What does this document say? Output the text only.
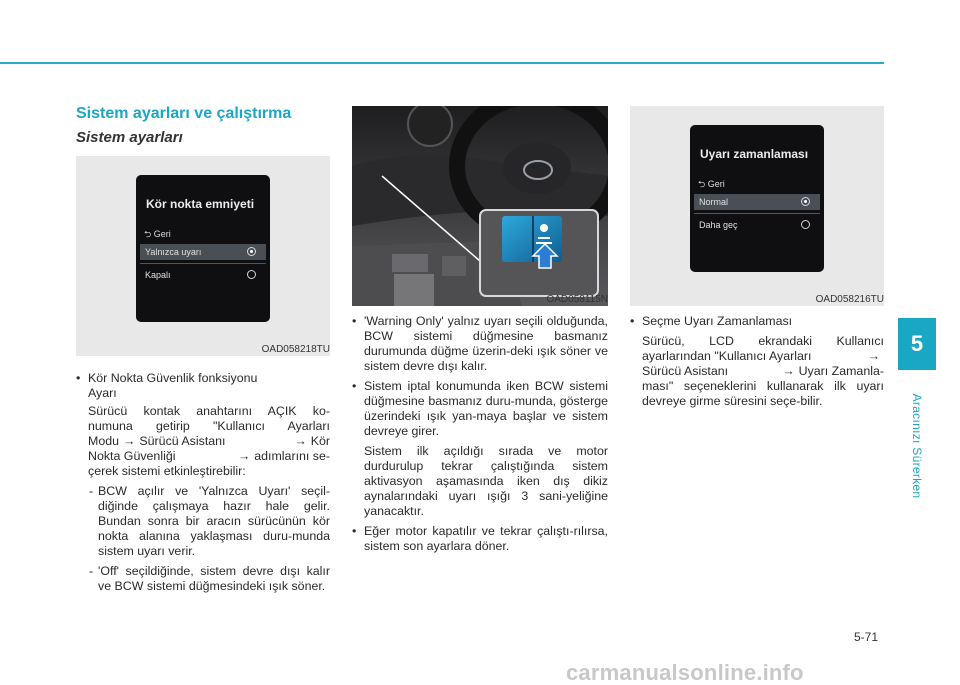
5
Aracınızı Sürerken
Sistem ayarları ve çalıştırma
Sistem ayarları
Kör nokta emniyeti
⮌ Geri
Yalnızca uyarı
Kapalı
OAD058218TU
OAD058115N
Uyarı zamanlaması
⮌ Geri
Normal
Daha geç
OAD058216TU
• Kör Nokta Güvenlik fonksiyonu
Ayarı

Sürücü kontak anahtarını AÇIK ko-

numuna getirip "Kullanıcı Ayarları

Modu → Sürücü Asistanı	→ Kör

Nokta Güvenliği	→ adımlarını se-

çerek sistemi etkinleştirebilir:

- BCW açılır ve 'Yalnızca Uyarı' seçil-diğinde çalışmaya hazır hale gelir. Bundan sonra bir aracın sürücünün kör nokta alanına yaklaşması duru-munda sistem uyarı verir.

- 'Off' seçildiğinde, sistem devre dışı kalır ve BCW sistemi düğmesindeki ışık söner.

• 'Warning Only' yalnız uyarı seçili olduğunda, BCW sistemi düğmesine basmanız durumunda düğme üzerin-deki ışık söner ve sistem devre dışı kalır.

• Sistem iptal konumunda iken BCW sistemi düğmesine basmanız duru-munda, gösterge üzerindeki ışık yan-maya başlar ve sistem devreye girer.

Sistem ilk açıldığı sırada ve motor durdurulup tekrar çalıştığında sistem aktivasyon aşamasında iken dış dikiz aynalarındaki uyarı ışığı 3 sani-yeliğine yanacaktır.

• Eğer motor kapatılır ve tekrar çalıştı-rılırsa, sistem son ayarlara döner.

• Seçme Uyarı Zamanlaması

Sürücü, LCD ekrandaki Kullanıcı

ayarlarından "Kullanıcı Ayarları	→

Sürücü Asistanı	→ Uyarı Zamanla-

ması" seçeneklerini kullanarak ilk uyarı devreye girme süresini seçe-bilir.

5-71
carmanualsonline.info
